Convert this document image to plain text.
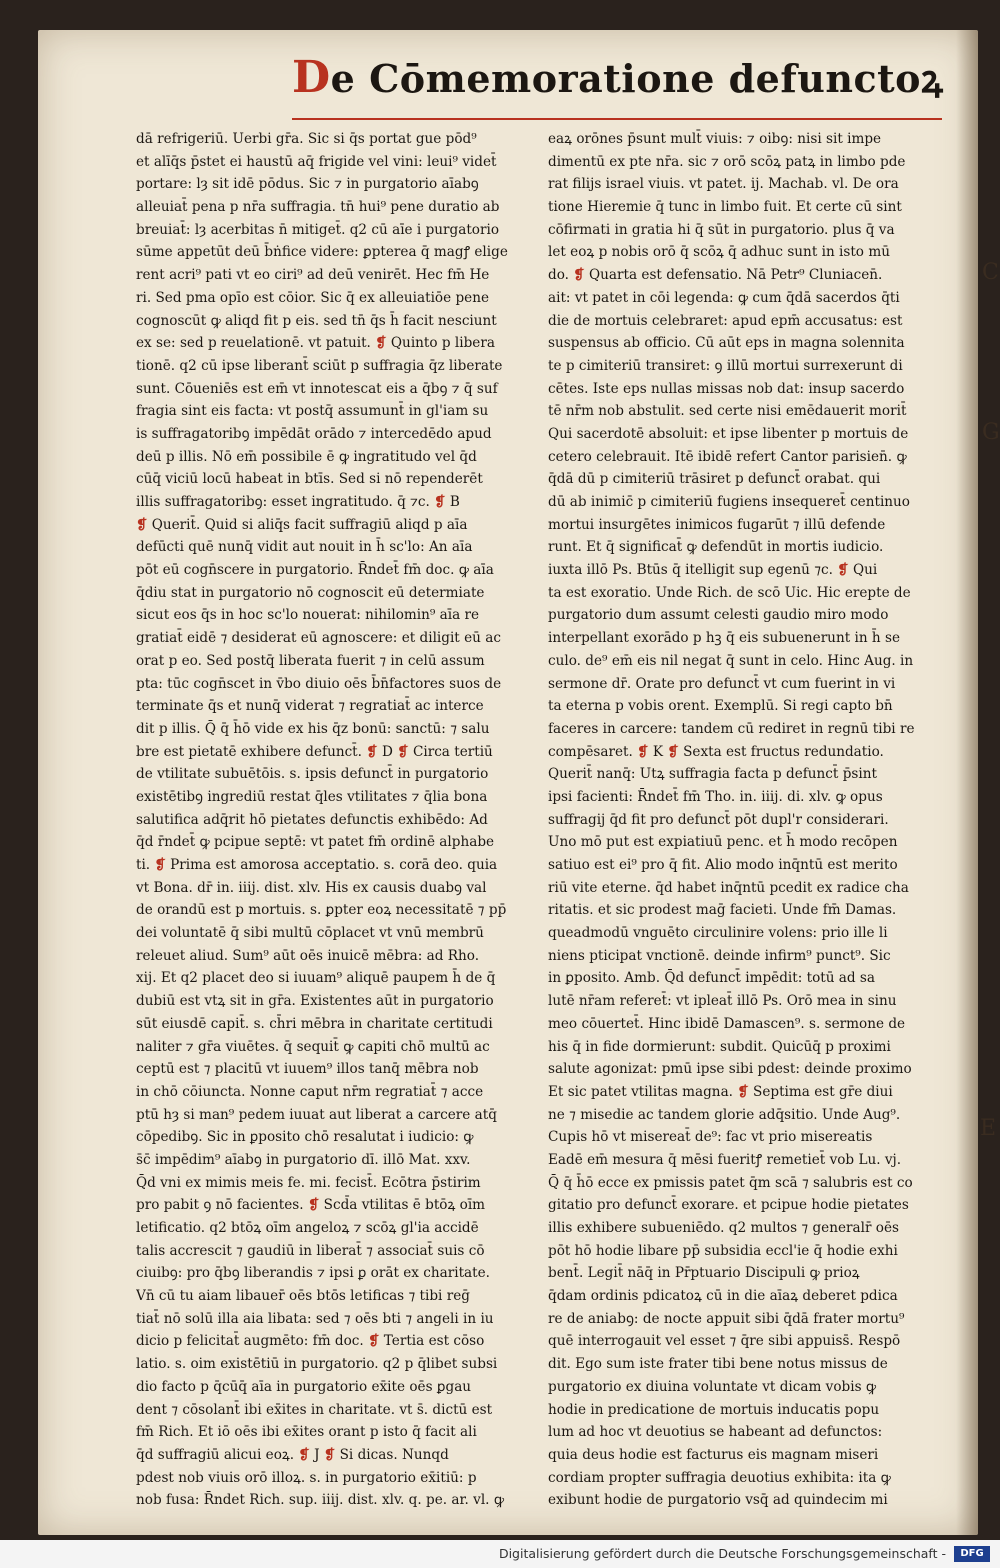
De Cōmemoratione defunctoꝝ

dā refrigeriū. Uerbi gr̄a. Sic si q̄s portat gue pōd⁹

et alīq̄s p̄stet ei haustū aq̄ frigide vel vini: leui⁹ videt̄

portare: lȝ sit idē pōdus. Sic ⁊ in purgatorio aīabꝯ

alleuiat̄ pena p nr̄a suffragia. tn̄ hui⁹ pene duratio ab

breuiat̄: lȝ acerbitas n̄ mitiget̄. q2 cū aīe i purgatorio

sūme appetūt deū b̄ṅfice videre: ꝑpterea q̄ magꝭ elige

rent acri⁹ pati vt eo ciri⁹ ad deū venirēt. Hec fm̄ He

ri. Sed pma opīo est cōior. Sic q̄ ex alleuiatiōe pene

cognoscūt ꝙ aliqd fit p eis. sed tn̄ q̄s h̄ facit nesciunt

ex se: sed p reuelationē. vt patuit. ❡ Quinto p libera

tionē. q2 cū ipse liberant̄ sciūt p suffragia q̄z liberate

sunt. Cōueniēs est em̄ vt innotescat eis a q̄bꝯ ⁊ q̄ suf

fragia sint eis facta: vt postq̄ assumunt̄ in gl'iam su

is suffragatoribꝯ impēdāt orādo ⁊ intercedēdo apud

deū p illis. Nō em̄ possibile ē ꝙ ingratitudo vel q̄d

cūq̄ viciū locū habeat in btīs. Sed si nō rependerēt

illis suffragatoribꝯ: esset ingratitudo. q̄ ⁊c. ❡ B

❡ Querit̄. Quid si aliq̄s facit suffragiū aliqd p aīa

defūcti quē nunq̄ vidit aut nouit in h̄ sc'lo: An aīa

pōt eū cogn̄scere in purgatorio. R̄ndet̄ fm̄ doc. ꝙ aīa

q̄diu stat in purgatorio nō cognoscit eū determiate

sicut eos q̄s in hoc sc'lo nouerat: nihilomin⁹ aīa re

gratiat̄ eidē ⁊ desiderat eū agnoscere: et diligit eū ac

orat p eo. Sed postq̄ liberata fuerit ⁊ in celū assum

pta: tūc cogn̄scet in v̄bo diuio oēs b̄n̄factores suos de

terminate q̄s et nunq̄ viderat ⁊ regratiat̄ ac interce

dit p illis. Q̄ q̄ h̄ō vide ex his q̄z bonū: sanctū: ⁊ salu

bre est pietatē exhibere defunct̄. ❡ D ❡ Circa tertiū

de vtilitate subuētōis. s. ipsis defunct̄ in purgatorio

existētibꝯ ingrediū restat q̄les vtilitates ⁊ q̄lia bona

salutifica adq̄rit hō pietates defunctis exhibēdo: Ad

q̄d r̄ndet̄ ꝙ pcipue septē: vt patet fm̄ ordinē alphabe

ti. ❡ Prima est amorosa acceptatio. s. corā deo. quia

vt Bona. dr̄ in. iiij. dist. xlv. His ex causis duabꝯ val

de orandū est p mortuis. s. ꝑpter eoꝝ necessitatē ⁊ pp̄

dei voluntatē q̄ sibi multū cōplacet vt vnū membrū

releuet aliud. Sum⁹ aūt oēs inuicē mēbra: ad Rho.

xij. Et q2 placet deo si iuuam⁹ aliquē paupem h̄ de q̄

dubiū est vtꝝ sit in gr̄a. Existentes aūt in purgatorio

sūt eiusdē capit̄. s. ch̄ri mēbra in charitate certitudi

naliter ⁊ gr̄a viuētes. q̄ sequit̄ ꝙ capiti chō multū ac

ceptū est ⁊ placitū vt iuuem⁹ illos tanq̄ mēbra nob

in chō cōiuncta. Nonne caput nr̄m regratiat̄ ⁊ acce

ptū hȝ si man⁹ pedem iuuat aut liberat a carcere atq̄

cōpedibꝯ. Sic in ꝑposito chō resalutat i iudicio: ꝙ

s̄c̄ impēdim⁹ aīabꝯ in purgatorio dī. illō Mat. xxv.

Q̄d vni ex mimis meis fe. mi. fecist̄. Ecōtra p̄stirim

pro pabit ꝯ nō facientes. ❡ Scd̄a vtilitas ē btōꝝ oīm

letificatio. q2 btōꝝ oīm angeloꝝ ⁊ scōꝝ gl'ia accidē

talis accrescit ⁊ gaudiū in liberat̄ ⁊ associat̄ suis cō

ciuibꝯ: pro q̄bꝯ liberandis ⁊ ipsi ꝑ orāt ex charitate.

Vn̄ cū tu aiam libauer̄ oēs btōs letificas ⁊ tibi reḡ

tiat̄ nō solū illa aia libata: sed ⁊ oēs bti ⁊ angeli in iu

dicio p felicitat̄ augmēto: fm̄ doc. ❡ Tertia est cōso

latio. s. oim existētiū in purgatorio. q2 p q̄libet subsi

dio facto p q̄cūq̄ aīa in purgatorio ex̄ite oēs ꝑgau

dent ⁊ cōsolant̄ ibi ex̄ites in charitate. vt s̄. dictū est

fm̄ Rich. Et iō oēs ibi ex̄ites orant p isto q̄ facit ali

q̄d suffragiū alicui eoꝝ. ❡ J ❡ Si dicas. Nunqd

pdest nob viuis orō illoꝝ. s. in purgatorio ex̄itiū: p

nob fusa: R̄ndet Rich. sup. iiij. dist. xlv. q. pe. ar. vl. ꝙ

eaꝝ orōnes p̄sunt mult̄ viuis: ⁊ oibꝯ: nisi sit impe

dimentū ex pte nr̄a. sic ⁊ orō scōꝝ patꝝ in limbo pde

rat filijs israel viuis. vt patet. ij. Machab. vl. De ora

tione Hieremie q̄ tunc in limbo fuit. Et certe cū sint

cōfirmati in gratia hi q̄ sūt in purgatorio. plus q̄ va

let eoꝝ p nobis orō q̄ scōꝝ q̄ adhuc sunt in isto mū

do. ❡ Quarta est defensatio. Nā Petr⁹ Cluniacen̄.

ait: vt patet in cōi legenda: ꝙ cum q̄dā sacerdos q̄ti

die de mortuis celebraret: apud epm̄ accusatus: est

suspensus ab officio. Cū aūt eps in magna solennita

te p cimiteriū transiret: ꝯ illū mortui surrexerunt di

cētes. Iste eps nullas missas nob dat: insup sacerdo

tē nr̄m nob abstulit. sed certe nisi emēdauerit morit̄

Qui sacerdotē absoluit: et ipse libenter p mortuis de

cetero celebrauit. Itē ibidē refert Cantor parisien̄. ꝙ

q̄dā dū p cimiteriū trāsiret p defunct̄ orabat. qui

dū ab inimic̄ p cimiteriū fugiens insequeret̄ centinuo

mortui insurgētes inimicos fugarūt ⁊ illū defende

runt. Et q̄ significat̄ ꝙ defendūt in mortis iudicio.

iuxta illō Ps. Btūs q̄ itelligit sup egenū ⁊c. ❡ Qui

ta est exoratio. Unde Rich. de scō Uic. Hic erepte de

purgatorio dum assumt celesti gaudio miro modo

interpellant exorādo p hꝫ q̄ eis subuenerunt in h̄ se

culo. de⁹ em̄ eis nil negat q̄ sunt in celo. Hinc Aug. in

sermone dr̄. Orate pro defunct̄ vt cum fuerint in vi

ta eterna p vobis orent. Exemplū. Si regi capto bn̄

faceres in carcere: tandem cū rediret in regnū tibi re

compēsaret. ❡ K ❡ Sexta est fructus redundatio.

Querit̄ nanq̄: Utꝝ suffragia facta p defunct̄ p̄sint

ipsi facienti: R̄ndet̄ fm̄ Tho. in. iiij. di. xlv. ꝙ opus

suffragij q̄d fit pro defunct̄ pōt dupl'r considerari.

Uno mō put est expiatiuū penc. et h̄ modo recōpen

satiuo est ei⁹ pro q̄ fit. Alio modo inq̄ntū est merito

riū vite eterne. q̄d habet inq̄ntū pcedit ex radice cha

ritatis. et sic prodest maḡ facieti. Unde fm̄ Damas.

queadmodū vnguēto circulinire volens: prio ille li

niens pticipat vnctionē. deinde infirm⁹ punct⁹. Sic

in ꝑposito. Amb. Q̄d defunct̄ impēdit: totū ad sa

lutē nr̄am referet̄: vt ipleat̄ illō Ps. Orō mea in sinu

meo cōuertet̄. Hinc ibidē Damascen⁹. s. sermone de

his q̄ in fide dormierunt: subdit. Quicūq̄ p proximi

salute agonizat: pmū ipse sibi pdest: deinde proximo

Et sic patet vtilitas magna. ❡ Septima est gr̄e diui

ne ⁊ misedie ac tandem glorie adq̄sitio. Unde Aug⁹.

Cupis hō vt misereat̄ de⁹: fac vt prio misereatis

Eadē em̄ mesura q̄ mēsi fueritꝭ remetiet̄ vob Lu. vj.

Q̄ q̄ h̄ō ecce ex pmissis patet q̄m scā ⁊ salubris est co

gitatio pro defunct̄ exorare. et pcipue hodie pietates

illis exhibere subueniēdo. q2 multos ⁊ generalr̄ oēs

pōt hō hodie libare pp̄ subsidia eccl'ie q̄ hodie exhi

bent̄. Legit̄ nāq̄ in Pr̄ptuario Discipuli ꝙ prioꝝ

q̄dam ordinis pdicatoꝝ cū in die aīaꝝ deberet pdica

re de aniabꝯ: de nocte appuit sibi q̄dā frater mortu⁹

quē interrogauit vel esset ⁊ q̄re sibi appuiss̄. Respō

dit. Ego sum iste frater tibi bene notus missus de

purgatorio ex diuina voluntate vt dicam vobis ꝙ

hodie in predicatione de mortuis inducatis popu

lum ad hoc vt deuotius se habeant ad defunctos:

quia deus hodie est facturus eis magnam miseri

cordiam propter suffragia deuotius exhibita: ita ꝙ

exibunt hodie de purgatorio vsq̄ ad quindecim mi

C
G
E
Digitalisierung gefördert durch die Deutsche Forschungsgemeinschaft -	DFG
